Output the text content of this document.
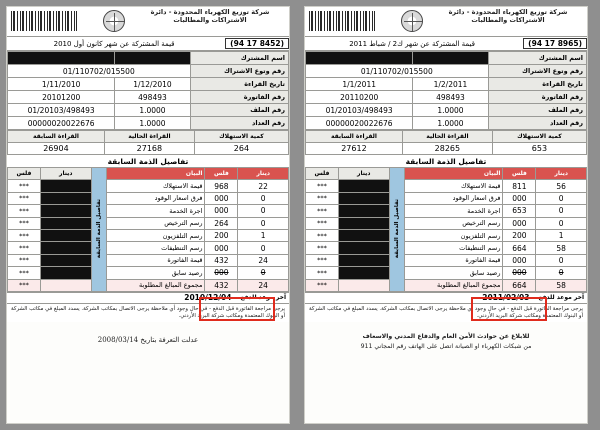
شركة توزيع الكهرباء المحدودة - دائرة الاشتراكات والمطالبات
(94 17 8452)
قيمة المشتركة عن شهر كانون أول 2010
اسم المشترك		
رقم وتوع الاشتراك	01/110702/015500	
تاريخ القراءة	1/12/2010	1/11/2010
رقم الفاتورة	498493	20101200
رقم الملف	1.0000	01/20103/498493
رقم العداد	1.0000	00000020022676
كمية الاستهلاك	القراءة الحالية	القراءة السابقة
264	27168	26904
تفاصيل الذمة السابقة
دينار	فلس	البيان	تفاصيل الذمة السابقة	دينار	فلس
22	968	قيمة الاستهلاك			***
0	000	فرق اسعار الوقود			***
0	000	اجرة الخدمة			***
0	264	رسم الترخيص			***
1	200	رسم التلفزيون			***
0	000	رسم التنظيفات			***
24	432	قيمة الفاتورة			***
0	000	رصيد سابق			***
24	432	مجموع المبالغ المطلوبة			***
آخر موعد للدفع
2010/12/04
يرجى مراجعة الفاتورة قبل الدفع - في حال وجود أي ملاحظة يرجى الاتصال بمكاتب الشركة. يسدد المبلغ في مكاتب الشركة أو البنوك المعتمدة ومكاتب شركة البريد الأردني.
عدلت التعرفة بتاريخ 2008/03/14
شركة توزيع الكهرباء المحدودة - دائرة الاشتراكات والمطالبات
(94 17 8965)
قيمة المشتركة عن شهر ك2 / شباط 2011
اسم المشترك		
رقم وتوع الاشتراك	01/110702/015500	
تاريخ القراءة	1/2/2011	1/1/2011
رقم الفاتورة	498493	20110200
رقم الملف	1.0000	01/20103/498493
رقم العداد	1.0000	00000020022676
كمية الاستهلاك	القراءة الحالية	القراءة السابقة
653	28265	27612
تفاصيل الذمة السابقة
دينار	فلس	البيان	تفاصيل الذمة السابقة	دينار	فلس
56	811	قيمة الاستهلاك			***
0	000	فرق اسعار الوقود			***
0	653	اجرة الخدمة			***
0	000	رسم الترخيص			***
1	200	رسم التلفزيون			***
58	664	رسم التنظيفات			***
0	000	قيمة الفاتورة			***
0	000	رصيد سابق			***
58	664	مجموع المبالغ المطلوبة			***
آخر موعد للدفع
2011/02/03
يرجى مراجعة الفاتورة قبل الدفع - في حال وجود أي ملاحظة يرجى الاتصال بمكاتب الشركة. يسدد المبلغ في مكاتب الشركة أو البنوك المعتمدة ومكاتب شركة البريد الأردني.
للابلاغ عن حوادث الأمن العام والدفاع المدني والاسعاف
من شبكات الكهرباء او الصيانة اتصل على الهاتف رقم المجاني 911
